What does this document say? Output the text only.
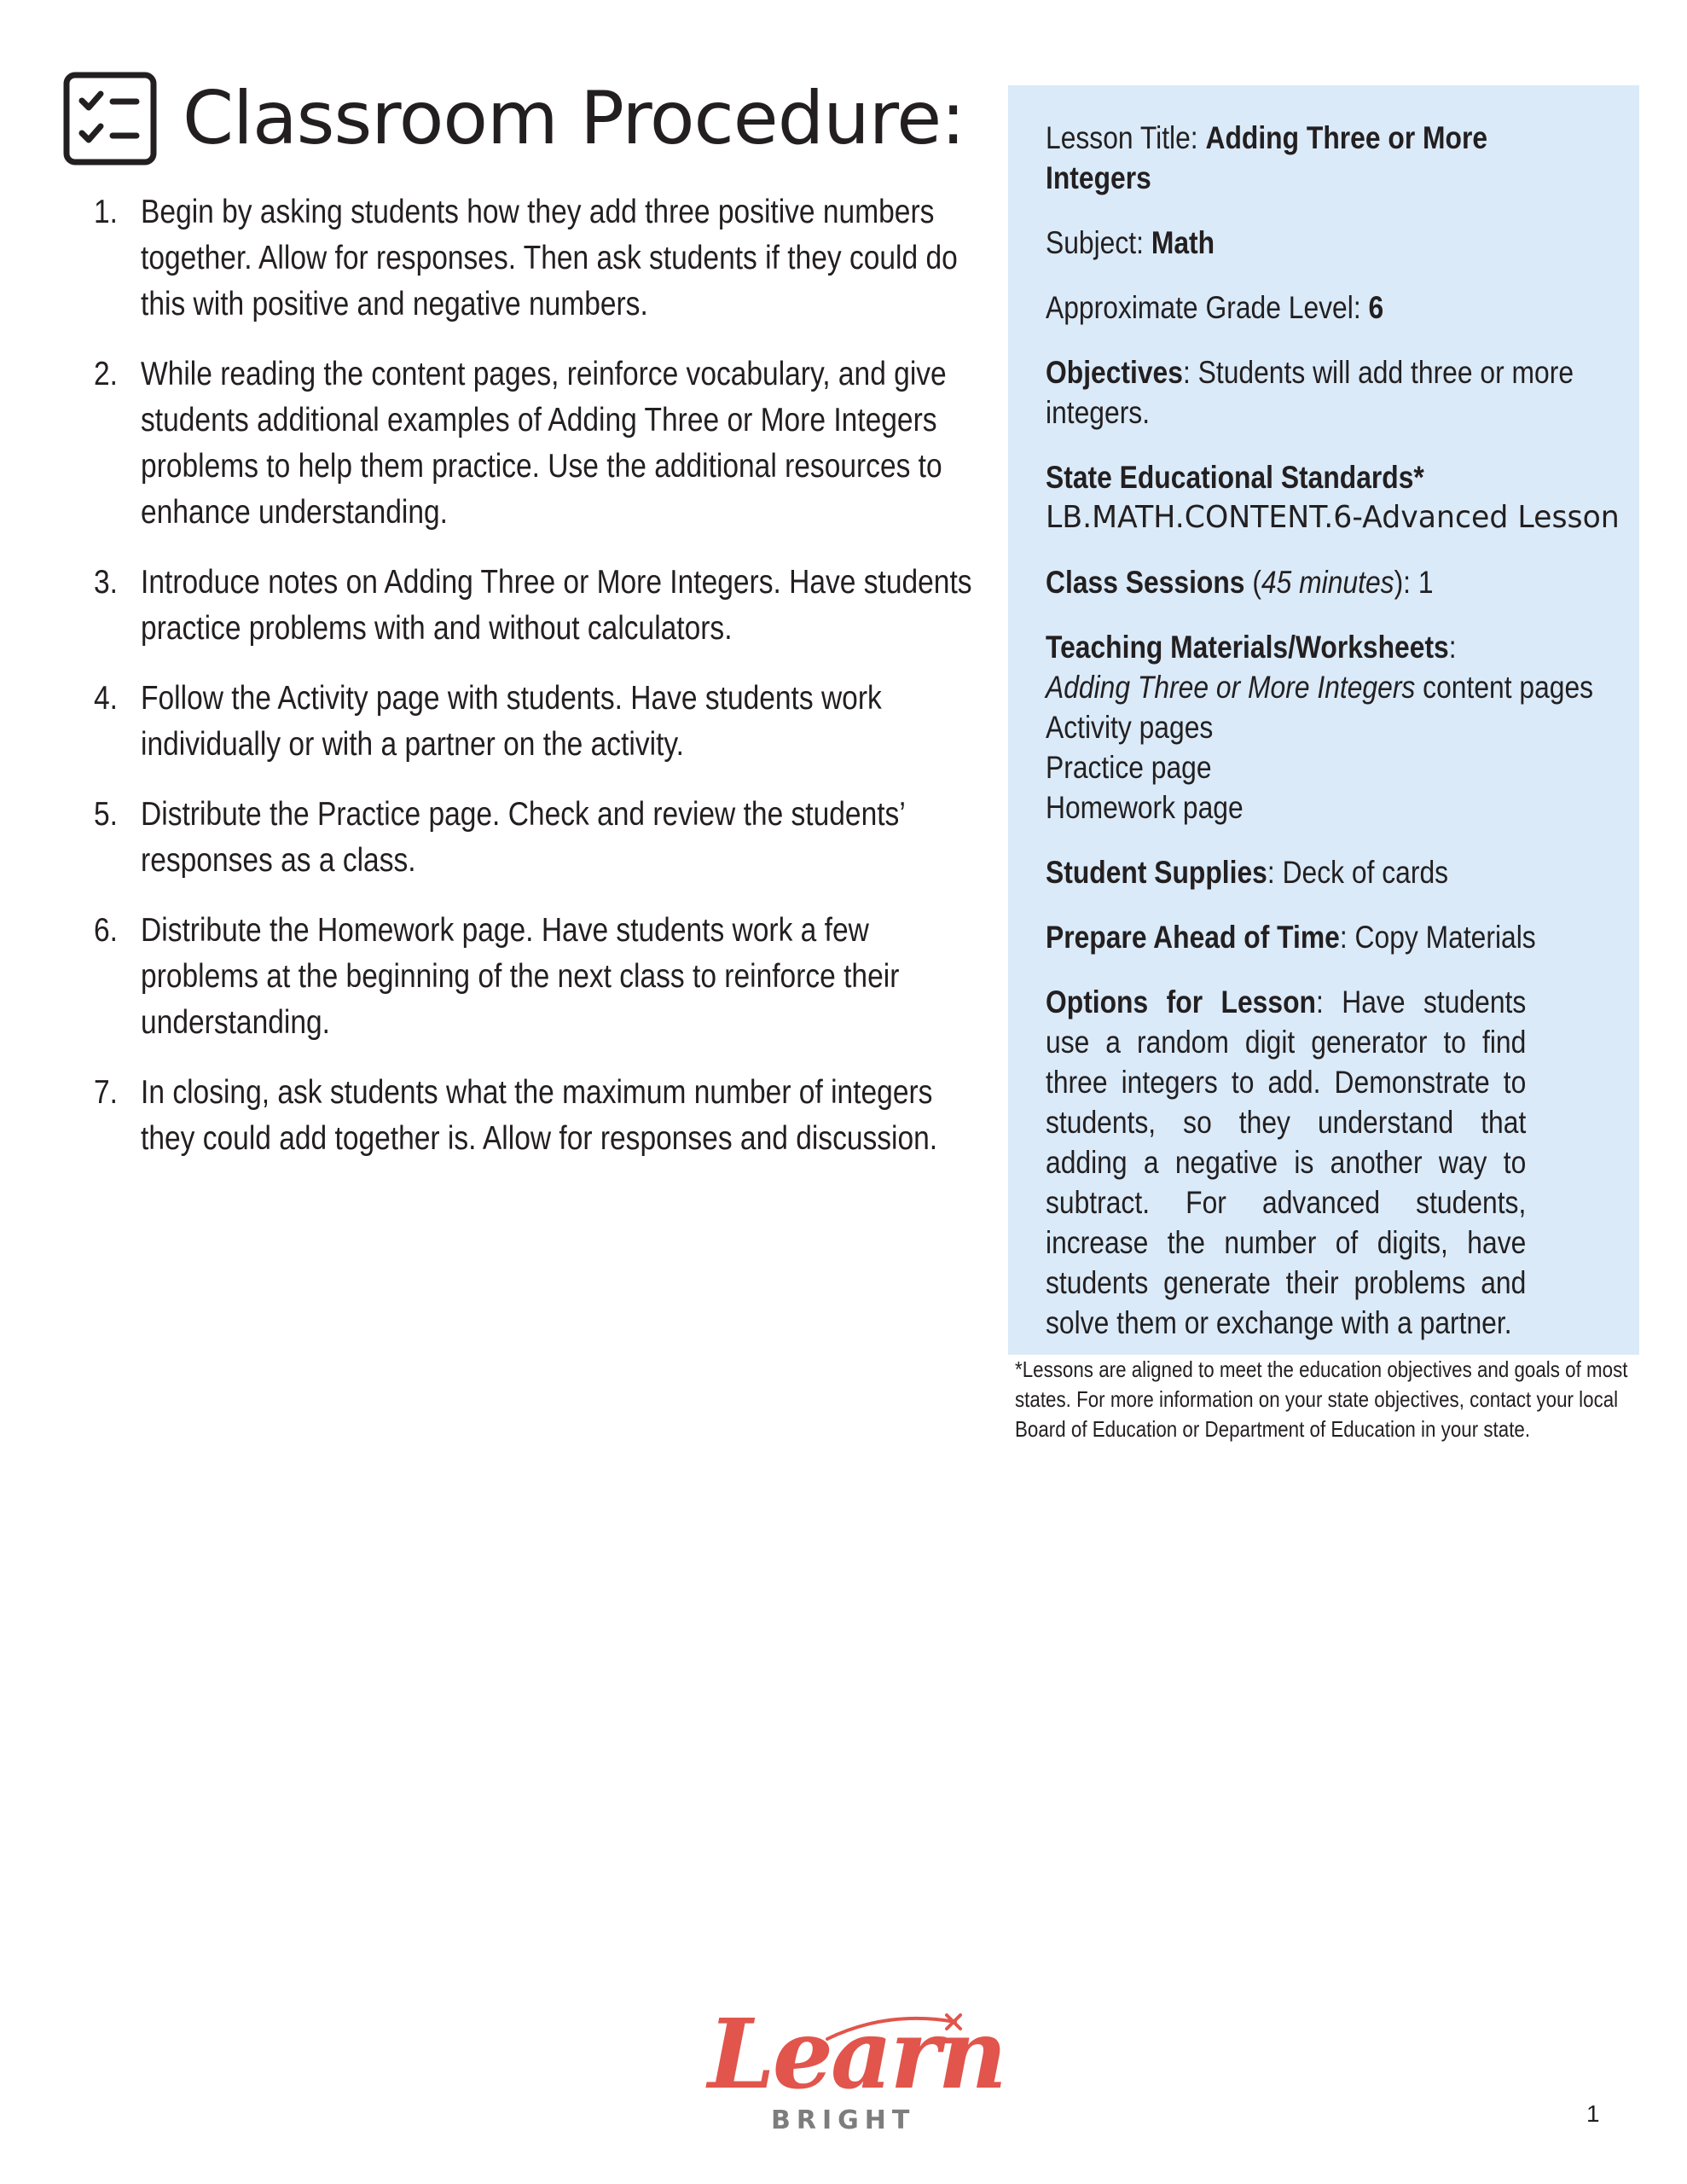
Classroom Procedure:
1. Begin by asking students how they add three positive numbers together. Allow for responses. Then ask students if they could do this with positive and negative numbers.
2. While reading the content pages, reinforce vocabulary, and give students additional examples of Adding Three or More Integers problems to help them practice. Use the additional resources to enhance understanding.
3. Introduce notes on Adding Three or More Integers. Have students practice problems with and without calculators.
4. Follow the Activity page with students. Have students work individually or with a partner on the activity.
5. Distribute the Practice page. Check and review the students’ responses as a class.
6. Distribute the Homework page. Have students work a few problems at the beginning of the next class to reinforce their understanding.
7. In closing, ask students what the maximum number of integers they could add together is. Allow for responses and discussion.
Lesson Title: Adding Three or More Integers
Subject: Math
Approximate Grade Level: 6
Objectives: Students will add three or more integers.
State Educational Standards*
LB.MATH.CONTENT.6-Advanced Lesson
Class Sessions (45 minutes): 1
Teaching Materials/Worksheets:
Adding Three or More Integers content pages
Activity pages
Practice page
Homework page
Student Supplies: Deck of cards
Prepare Ahead of Time: Copy Materials
Options for Lesson: Have students use a random digit generator to find three integers to add. Demonstrate to students, so they understand that adding a negative is another way to subtract. For advanced students, increase the number of digits, have students generate their problems and solve them or exchange with a partner.
*Lessons are aligned to meet the education objectives and goals of most states. For more information on your state objectives, contact your local Board of Education or Department of Education in your state.
Learn
BRIGHT	1
